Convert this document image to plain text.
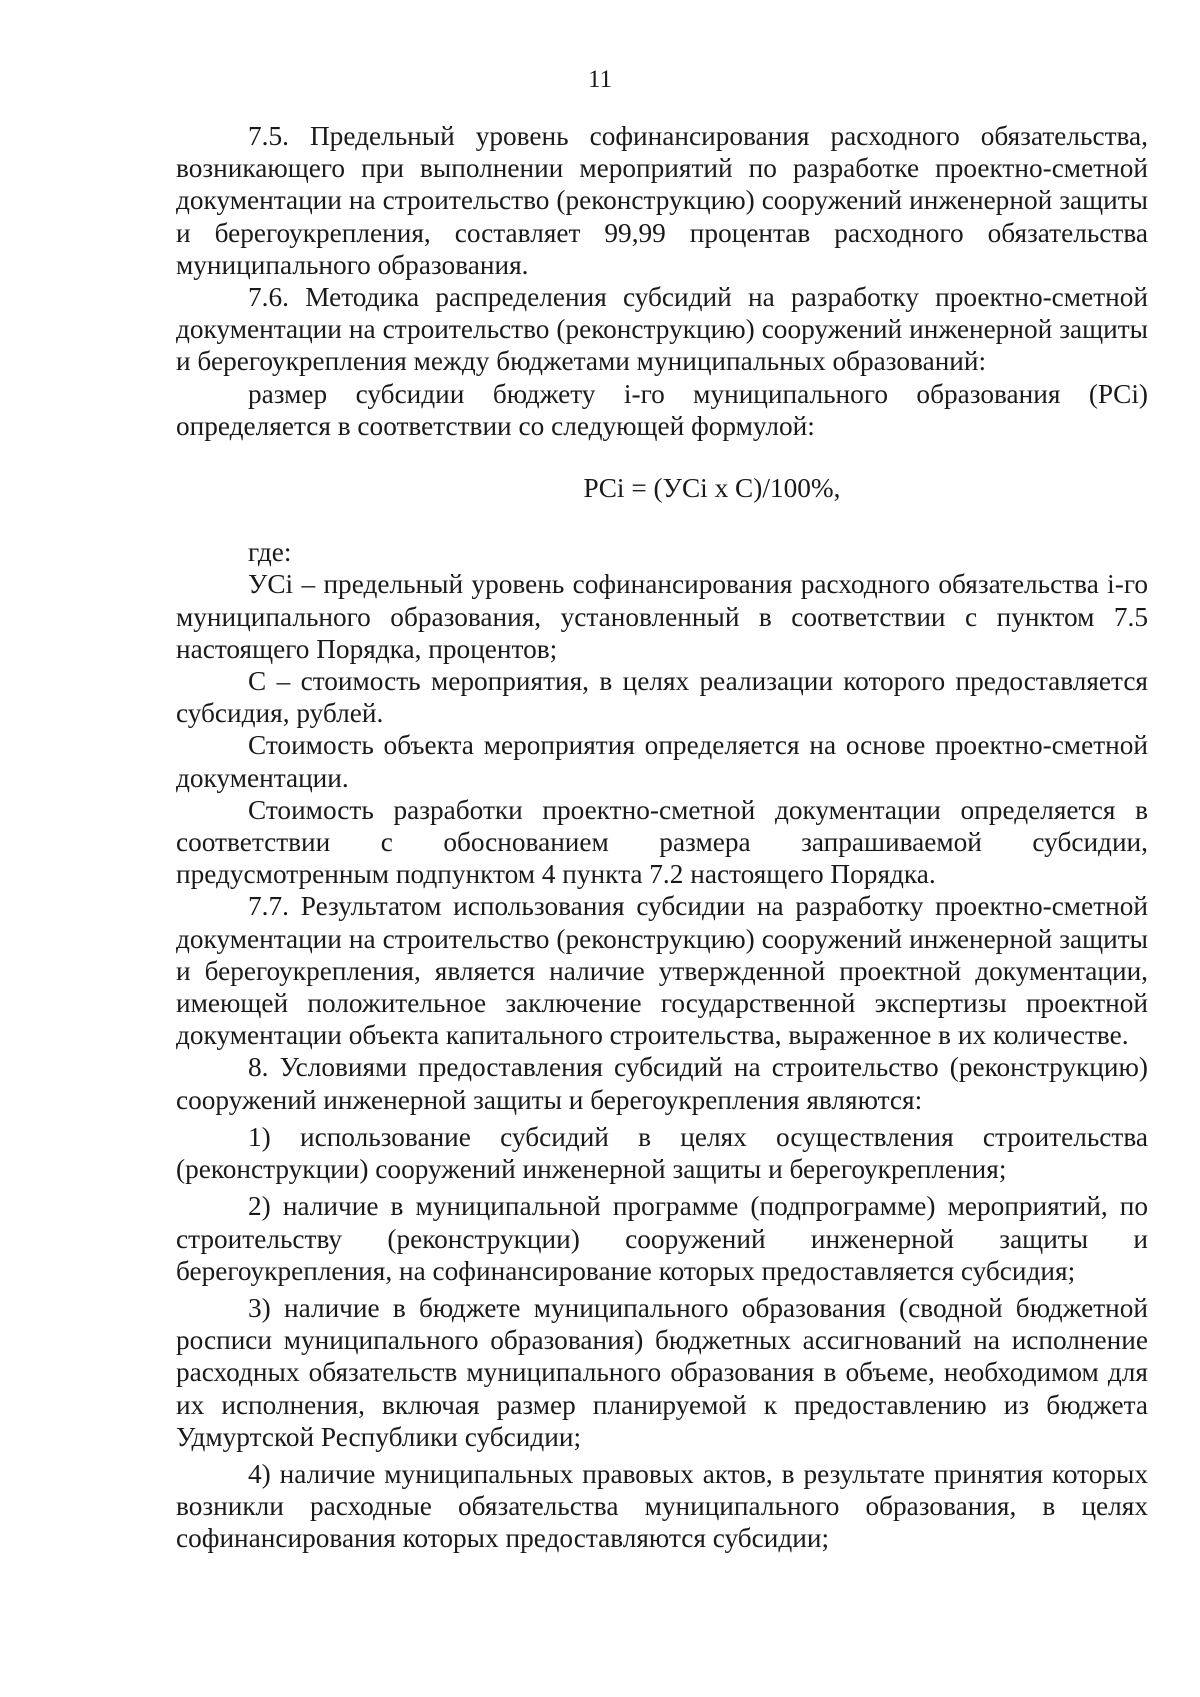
11

7.5. Предельный уровень софинансирования расходного обязательства, возникающего при выполнении мероприятий по разработке проектно-сметной документации на строительство (реконструкцию) сооружений инженерной защиты и берегоукрепления, составляет 99,99 процентав расходного обязательства муниципального образования.

7.6. Методика распределения субсидий на разработку проектно-сметной документации на строительство (реконструкцию) сооружений инженерной защиты и берегоукрепления между бюджетами муниципальных образований:

размер субсидии бюджету i-го муниципального образования (PCi) определяется в соответствии со следующей формулой:

PCi = (УСi x C)/100%,

где:

УСi – предельный уровень софинансирования расходного обязательства i-го муниципального образования, установленный в соответствии с пунктом 7.5 настоящего Порядка, процентов;

С – стоимость мероприятия, в целях реализации которого предоставляется субсидия, рублей.

Стоимость объекта мероприятия определяется на основе проектно-сметной документации.

Стоимость разработки проектно-сметной документации определяется в соответствии с обоснованием размера запрашиваемой субсидии, предусмотренным подпунктом 4 пункта 7.2 настоящего Порядка.

7.7. Результатом использования субсидии на разработку проектно-сметной документации на строительство (реконструкцию) сооружений инженерной защиты и берегоукрепления, является наличие утвержденной проектной документации, имеющей положительное заключение государственной экспертизы проектной документации объекта капитального строительства, выраженное в их количестве.

8. Условиями предоставления субсидий на строительство (реконструкцию) сооружений инженерной защиты и берегоукрепления являются:

1) использование субсидий в целях осуществления строительства (реконструкции) сооружений инженерной защиты и берегоукрепления;

2) наличие в муниципальной программе (подпрограмме) мероприятий, по строительству (реконструкции) сооружений инженерной защиты и берегоукрепления, на софинансирование которых предоставляется субсидия;

3) наличие в бюджете муниципального образования (сводной бюджетной росписи муниципального образования) бюджетных ассигнований на исполнение расходных обязательств муниципального образования в объеме, необходимом для их исполнения, включая размер планируемой к предоставлению из бюджета Удмуртской Республики субсидии;

4) наличие муниципальных правовых актов, в результате принятия которых возникли расходные обязательства муниципального образования, в целях софинансирования которых предоставляются субсидии;
